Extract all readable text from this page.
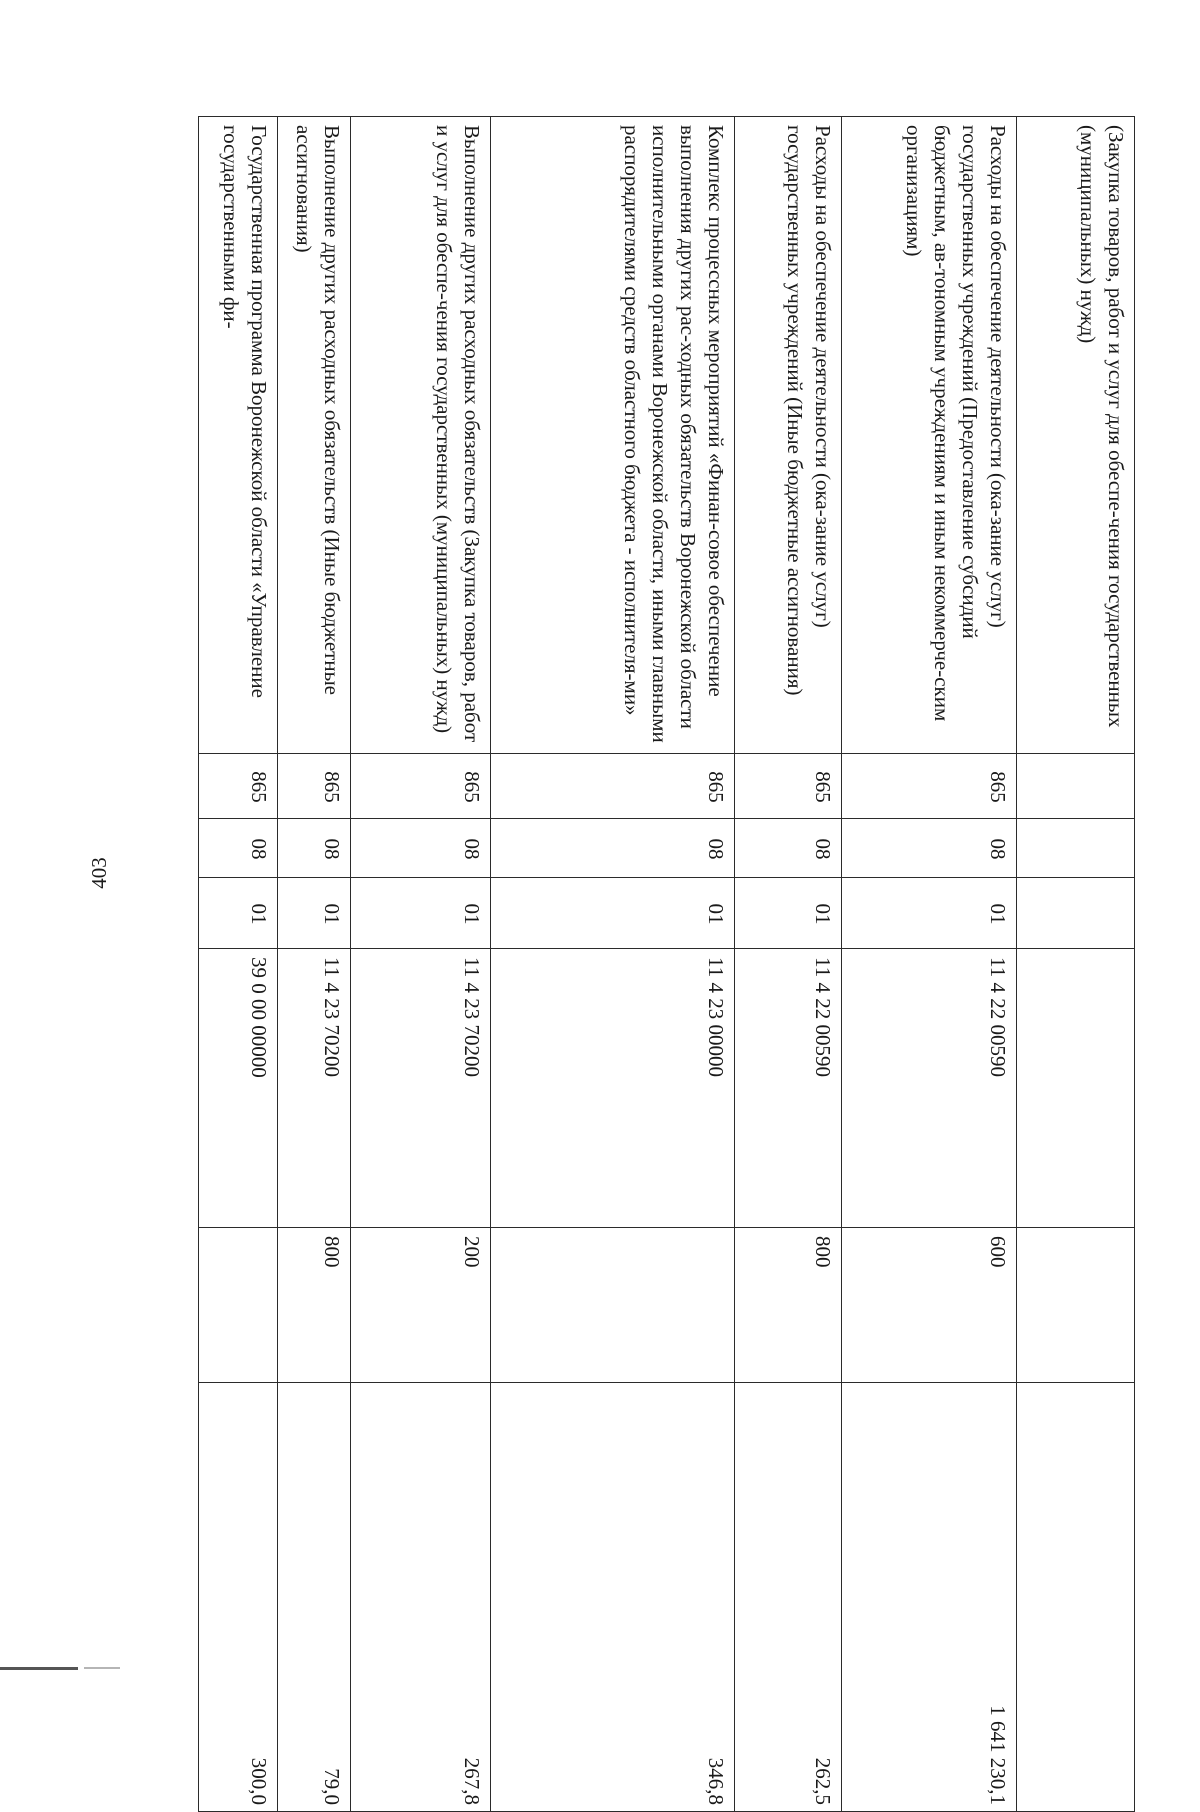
403
(Закупка товаров, работ и услуг для обеспе-чения государственных (муниципальных) нужд)						
Расходы на обеспечение деятельности (ока-зание услуг) государственных учреждений (Предоставление субсидий бюджетным, ав-тономным учреждениям и иным некоммерче-ским организациям)	865	08	01	11 4 22 00590	600	1 641 230,1
Расходы на обеспечение деятельности (ока-зание услуг) государственных учреждений (Иные бюджетные ассигнования)	865	08	01	11 4 22 00590	800	262,5
Комплекс процессных мероприятий «Финан-совое обеспечение выполнения других рас-ходных обязательств Воронежской области исполнительными органами Воронежской области, иными главными распорядителями средств областного бюджета - исполнителя-ми»	865	08	01	11 4 23 00000		346,8
Выполнение других расходных обязательств (Закупка товаров, работ и услуг для обеспе-чения государственных (муниципальных) нужд)	865	08	01	11 4 23 70200	200	267,8
Выполнение других расходных обязательств (Иные бюджетные ассигнования)	865	08	01	11 4 23 70200	800	79,0
Государственная программа Воронежской области «Управление государственными фи-	865	08	01	39 0 00 00000		300,0
